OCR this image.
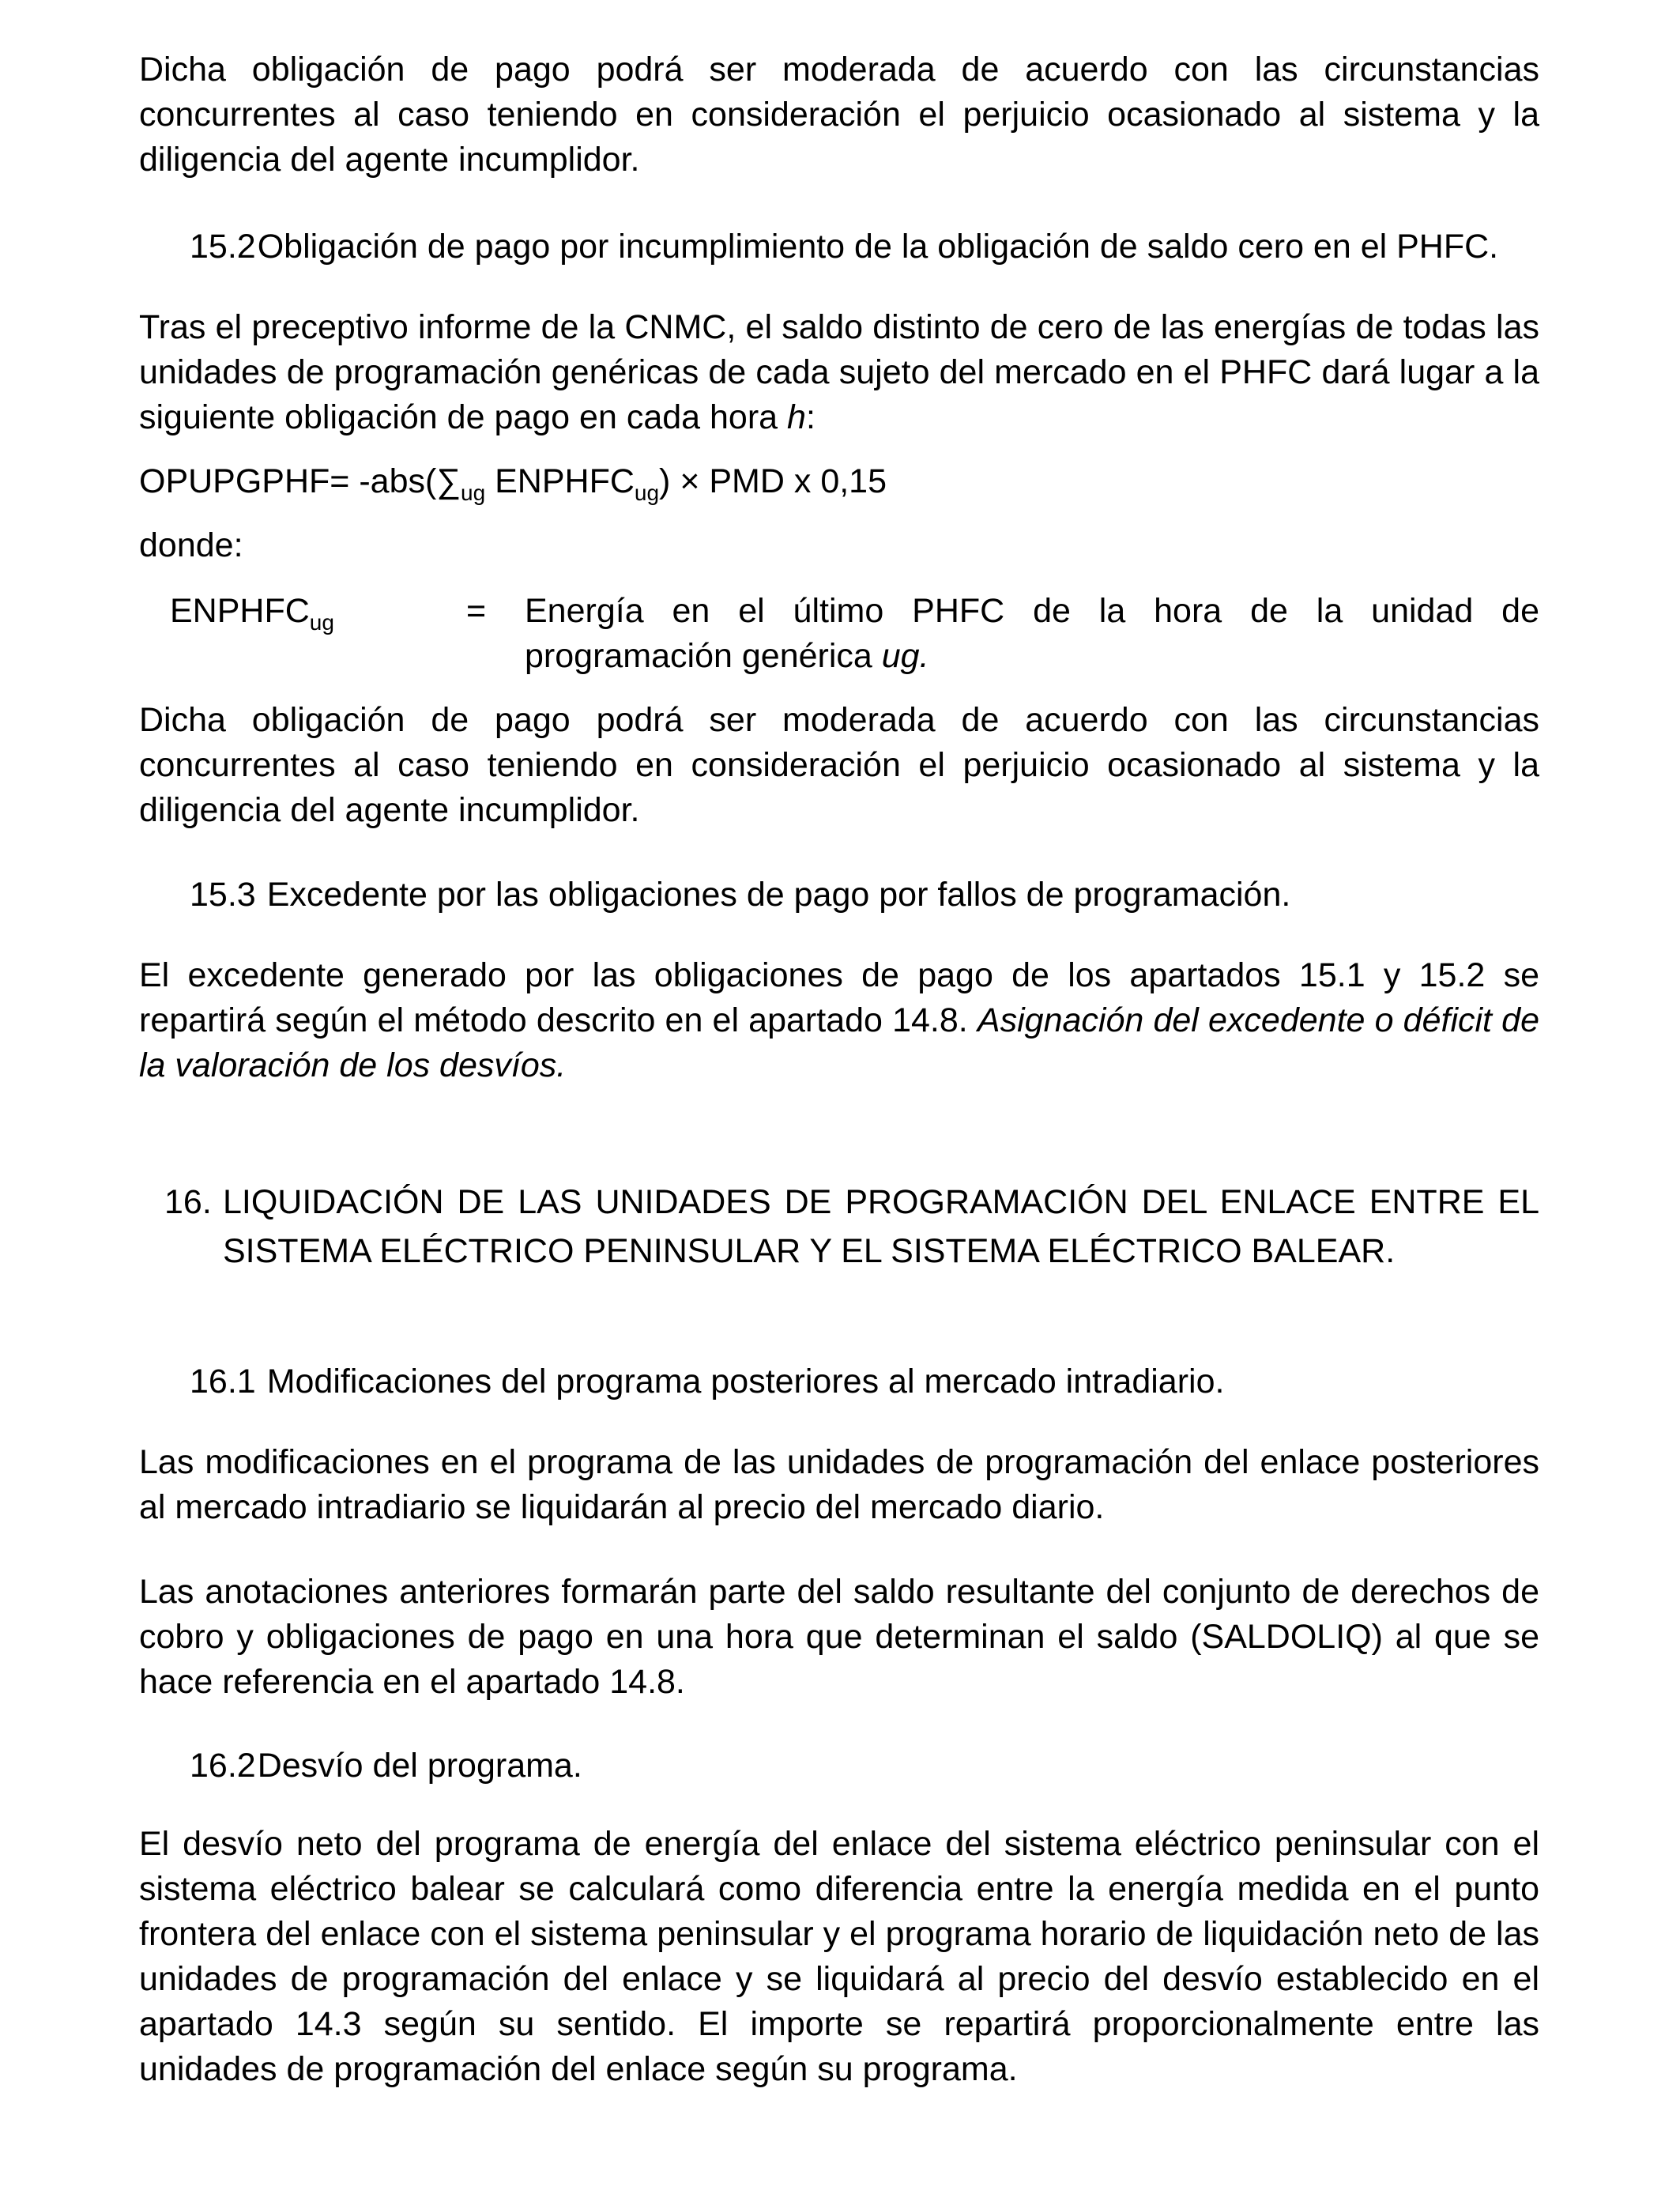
Dicha obligación de pago podrá ser moderada de acuerdo con las circunstancias concurrentes al caso teniendo en consideración el perjuicio ocasionado al sistema y la diligencia del agente incumplidor.

15.2Obligación de pago por incumplimiento de la obligación de saldo cero en el PHFC.

Tras el preceptivo informe de la CNMC, el saldo distinto de cero de las energías de todas las unidades de programación genéricas de cada sujeto del mercado en el PHFC dará lugar a la siguiente obligación de pago en cada hora h:

OPUPGPHF= $-abs(\sum_{ug}$ $ENPHFC_{ug}$) × PMD x 0,15

donde:

$ENPHFC_{ug}$	= Energía en el último PHFC de la hora de la unidad de programación genérica ug.

Dicha obligación de pago podrá ser moderada de acuerdo con las circunstancias concurrentes al caso teniendo en consideración el perjuicio ocasionado al sistema y la diligencia del agente incumplidor.

15.3 Excedente por las obligaciones de pago por fallos de programación.

El excedente generado por las obligaciones de pago de los apartados 15.1 y 15.2 se repartirá según el método descrito en el apartado 14.8. Asignación del excedente o déficit de la valoración de los desvíos.

16. LIQUIDACIÓN DE LAS UNIDADES DE PROGRAMACIÓN DEL ENLACE ENTRE EL SISTEMA ELÉCTRICO PENINSULAR Y EL SISTEMA ELÉCTRICO BALEAR.
16.1 Modificaciones del programa posteriores al mercado intradiario.

Las modificaciones en el programa de las unidades de programación del enlace posteriores al mercado intradiario se liquidarán al precio del mercado diario.

Las anotaciones anteriores formarán parte del saldo resultante del conjunto de derechos de cobro y obligaciones de pago en una hora que determinan el saldo (SALDOLIQ) al que se hace referencia en el apartado 14.8.

16.2Desvío del programa.

El desvío neto del programa de energía del enlace del sistema eléctrico peninsular con el sistema eléctrico balear se calculará como diferencia entre la energía medida en el punto frontera del enlace con el sistema peninsular y el programa horario de liquidación neto de las unidades de programación del enlace y se liquidará al precio del desvío establecido en el apartado 14.3 según su sentido. El importe se repartirá proporcionalmente entre las unidades de programación del enlace según su programa.
